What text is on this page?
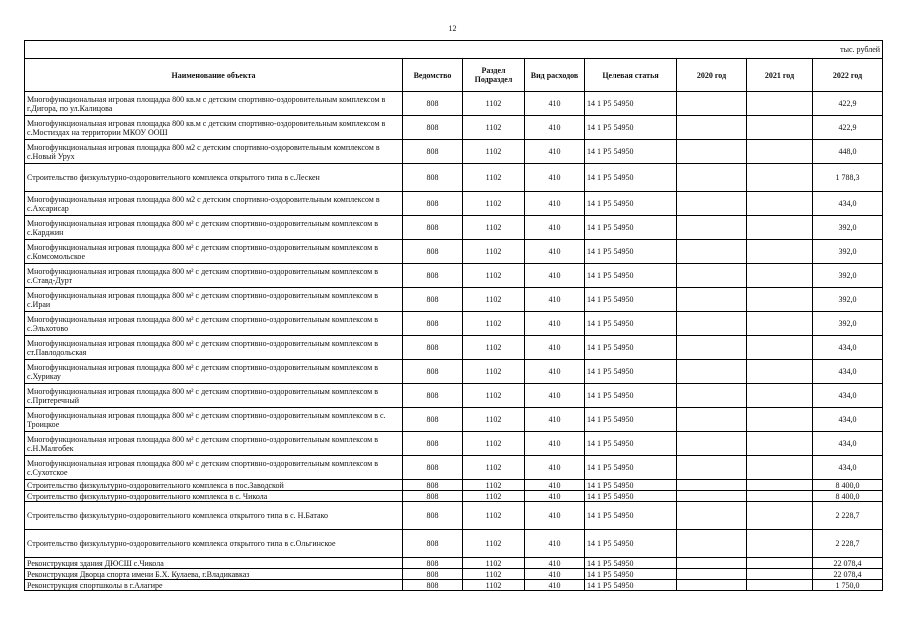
12
тыс. рублей							
Наименование объекта	Ведомство	Раздел Подраздел	Вид расходов	Целевая статья	2020 год	2021 год	2022 год
Многофункциональная игровая площадка 800 кв.м с детским спортивно-оздоровительным комплексом в г.Дигора, по ул.Калицова	808	1102	410	14 1 P5 54950			422,9
Многофункциональная игровая площадка 800 кв.м с детским спортивно-оздоровительным комплексом в с.Мостиздах на территории МКОУ ООШ	808	1102	410	14 1 P5 54950			422,9
Многофункциональная игровая площадка 800 м2 с детским спортивно-оздоровительным комплексом в с.Новый Урух	808	1102	410	14 1 P5 54950			448,0
Строительство физкультурно-оздоровительного комплекса открытого типа в с.Лескен	808	1102	410	14 1 P5 54950			1 788,3
Многофункциональная игровая площадка 800 м2 с детским спортивно-оздоровительным комплексом в с.Ахсарисар	808	1102	410	14 1 P5 54950			434,0
Многофункциональная игровая площадка 800 м² с детским спортивно-оздоровительным комплексом в с.Карджин	808	1102	410	14 1 P5 54950			392,0
Многофункциональная игровая площадка 800 м² с детским спортивно-оздоровительным комплексом в с.Комсомольское	808	1102	410	14 1 P5 54950			392,0
Многофункциональная игровая площадка 800 м² с детским спортивно-оздоровительным комплексом в с.Ставд-Дурт	808	1102	410	14 1 P5 54950			392,0
Многофункциональная игровая площадка 800 м² с детским спортивно-оздоровительным комплексом в с.Ираи	808	1102	410	14 1 P5 54950			392,0
Многофункциональная игровая площадка 800 м² с детским спортивно-оздоровительным комплексом в с.Эльхотово	808	1102	410	14 1 P5 54950			392,0
Многофункциональная игровая площадка 800 м² с детским спортивно-оздоровительным комплексом в ст.Павлодольская	808	1102	410	14 1 P5 54950			434,0
Многофункциональная игровая площадка 800 м² с детским спортивно-оздоровительным комплексом в с.Хурикау	808	1102	410	14 1 P5 54950			434,0
Многофункциональная игровая площадка 800 м² с детским спортивно-оздоровительным комплексом в с.Притеречный	808	1102	410	14 1 P5 54950			434,0
Многофункциональная игровая площадка 800 м² с детским спортивно-оздоровительным комплексом в с. Троицкое	808	1102	410	14 1 P5 54950			434,0
Многофункциональная игровая площадка 800 м² с детским спортивно-оздоровительным комплексом в с.Н.Малгобек	808	1102	410	14 1 P5 54950			434,0
Многофункциональная игровая площадка 800 м² с детским спортивно-оздоровительным комплексом в с.Сухотское	808	1102	410	14 1 P5 54950			434,0
Строительство физкультурно-оздоровительного комплекса в пос.Заводской	808	1102	410	14 1 P5 54950			8 400,0
Строительство физкультурно-оздоровительного комплекса в с. Чикола	808	1102	410	14 1 P5 54950			8 400,0
Строительство физкультурно-оздоровительного комплекса открытого типа в с. Н.Батако	808	1102	410	14 1 P5 54950			2 228,7
Строительство физкультурно-оздоровительного комплекса открытого типа в с.Ольгинское	808	1102	410	14 1 P5 54950			2 228,7
Реконструкция здания ДЮСШ с.Чикола	808	1102	410	14 1 P5 54950			22 078,4
Реконструкция Дворца спорта имени Б.Х. Кулаева, г.Владикавказ	808	1102	410	14 1 P5 54950			22 078,4
Реконструкция спортшколы в г.Алагире	808	1102	410	14 1 P5 54950			1 750,0
